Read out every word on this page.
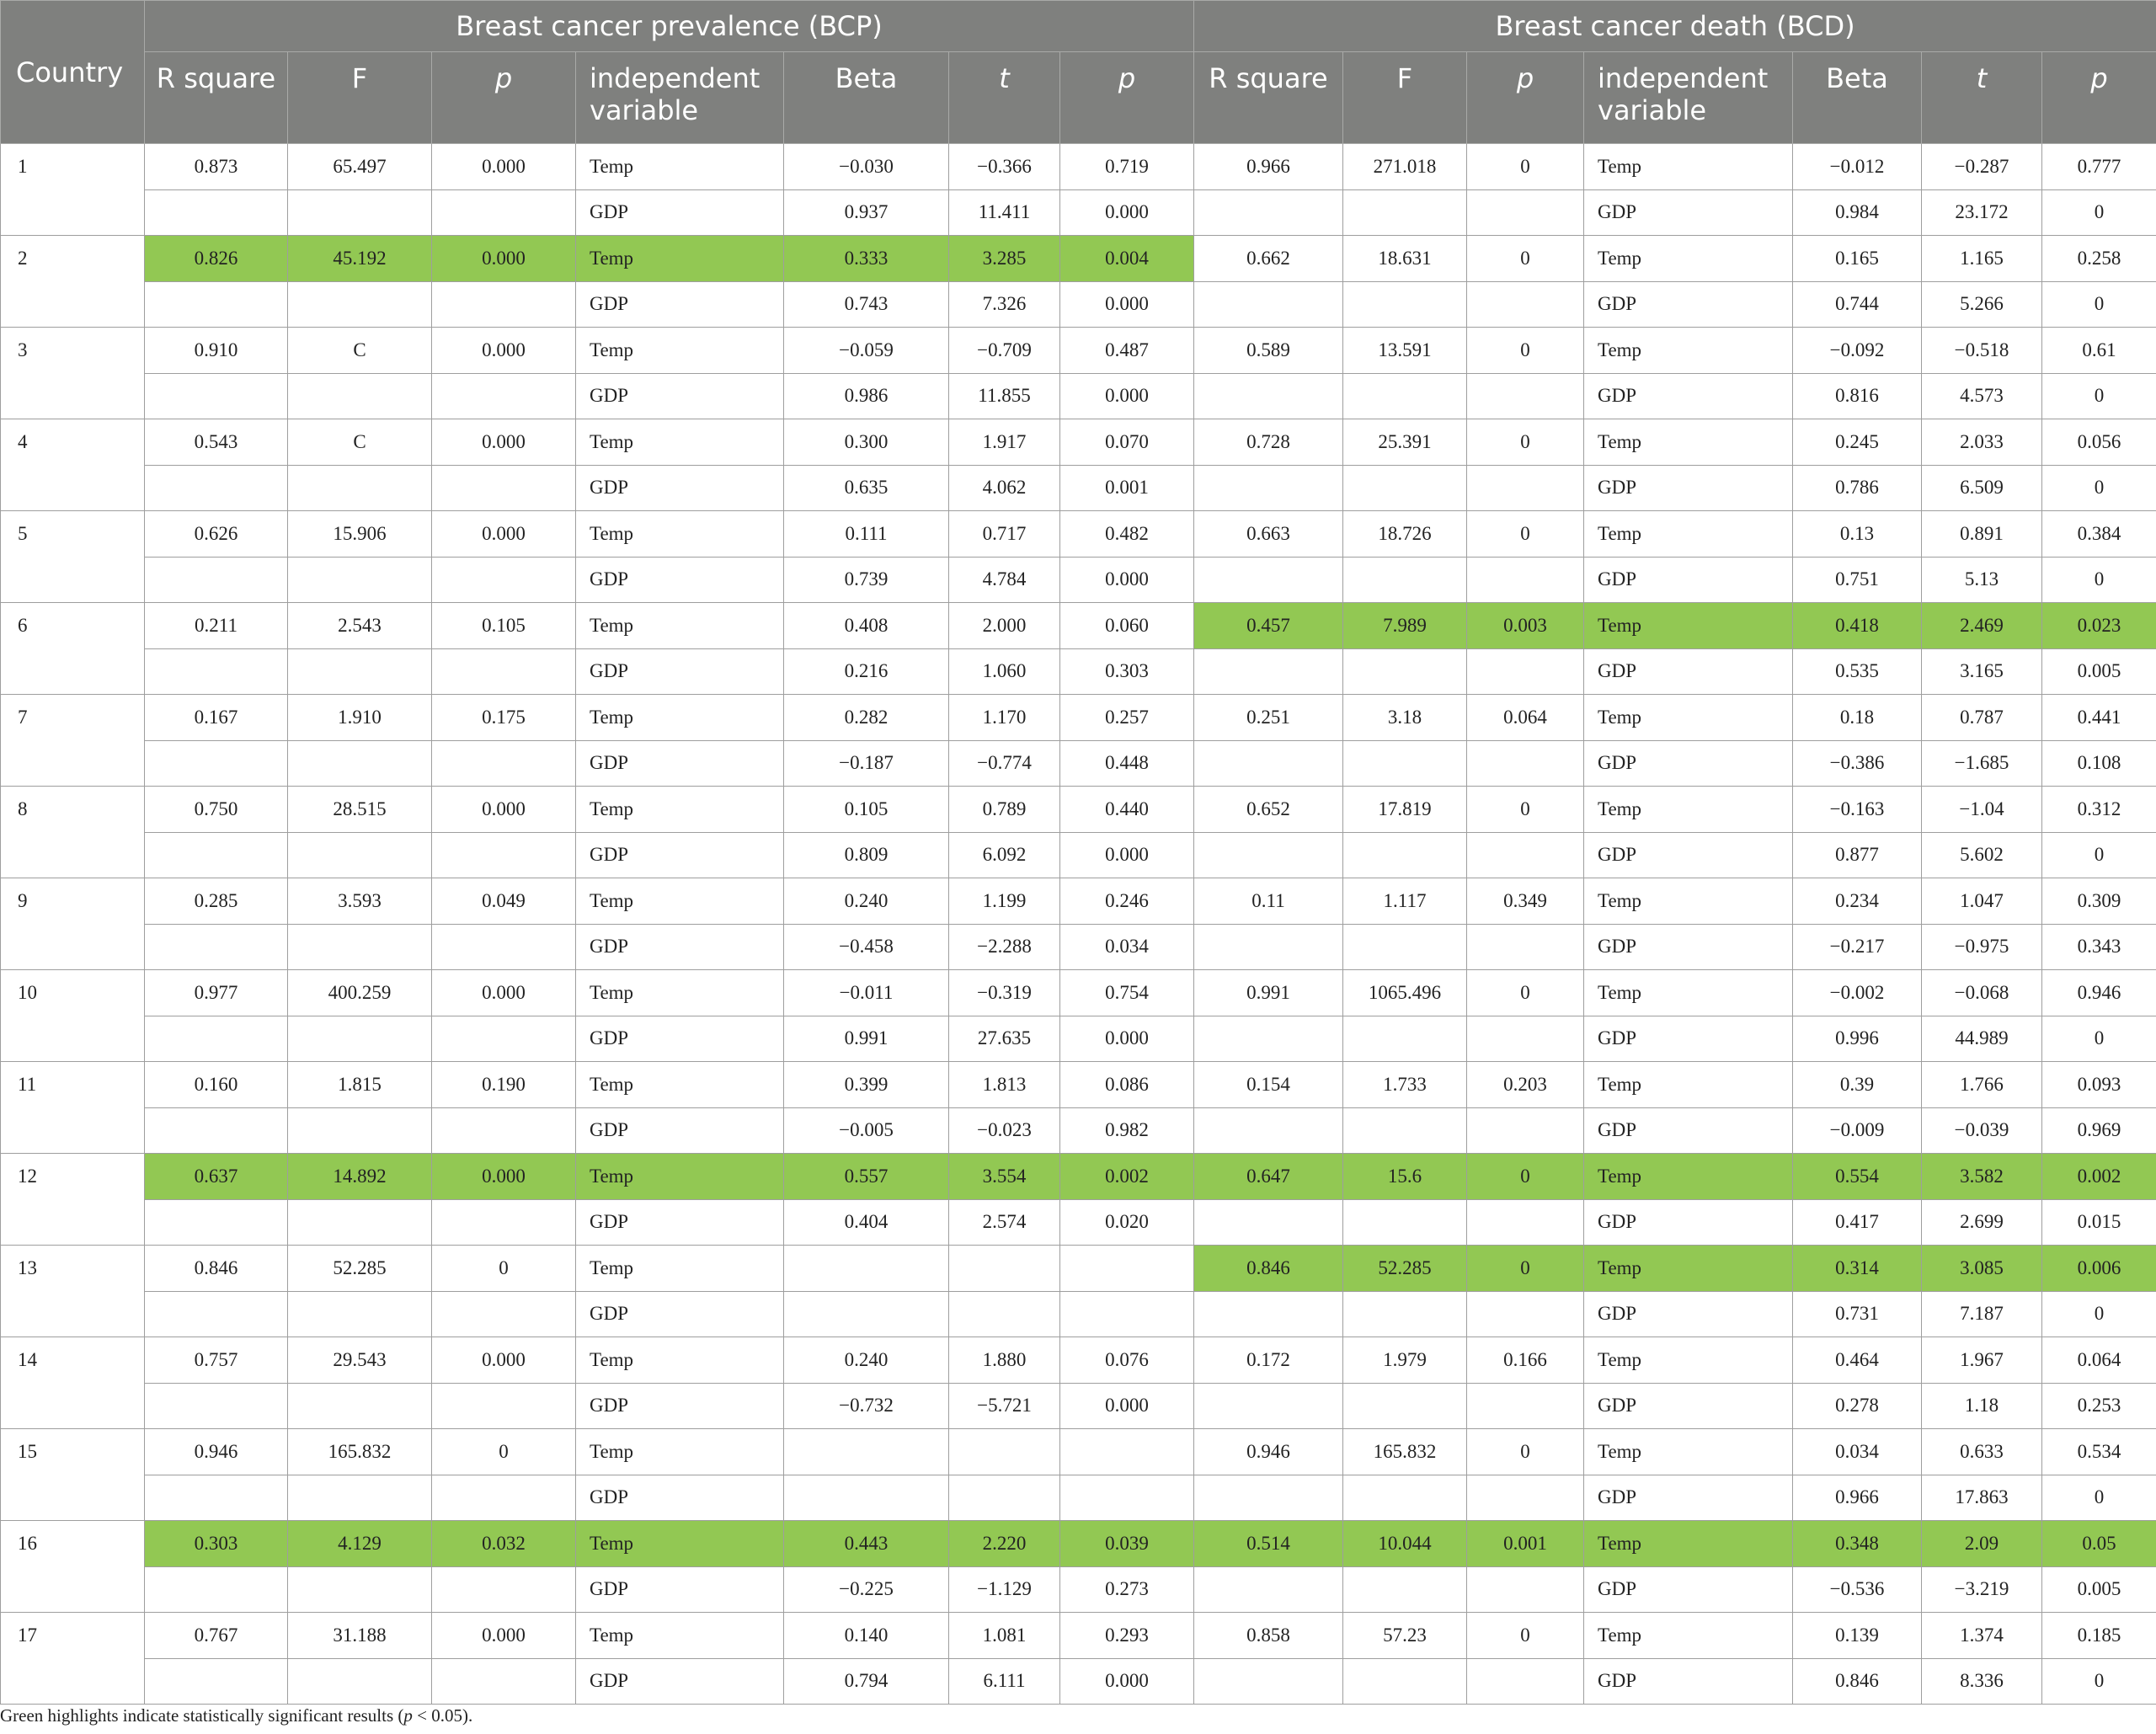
Country	Breast cancer prevalence (BCP)							Breast cancer death (BCD)						
	R square	F	p	independent
variable	Beta	t	p	R square	F	p	independent
variable	Beta	t	p
1	0.873	65.497	0.000	Temp	−0.030	−0.366	0.719	0.966	271.018	0	Temp	−0.012	−0.287	0.777
				GDP	0.937	11.411	0.000				GDP	0.984	23.172	0
2	0.826	45.192	0.000	Temp	0.333	3.285	0.004	0.662	18.631	0	Temp	0.165	1.165	0.258
				GDP	0.743	7.326	0.000				GDP	0.744	5.266	0
3	0.910	C	0.000	Temp	−0.059	−0.709	0.487	0.589	13.591	0	Temp	−0.092	−0.518	0.61
				GDP	0.986	11.855	0.000				GDP	0.816	4.573	0
4	0.543	C	0.000	Temp	0.300	1.917	0.070	0.728	25.391	0	Temp	0.245	2.033	0.056
				GDP	0.635	4.062	0.001				GDP	0.786	6.509	0
5	0.626	15.906	0.000	Temp	0.111	0.717	0.482	0.663	18.726	0	Temp	0.13	0.891	0.384
				GDP	0.739	4.784	0.000				GDP	0.751	5.13	0
6	0.211	2.543	0.105	Temp	0.408	2.000	0.060	0.457	7.989	0.003	Temp	0.418	2.469	0.023
				GDP	0.216	1.060	0.303				GDP	0.535	3.165	0.005
7	0.167	1.910	0.175	Temp	0.282	1.170	0.257	0.251	3.18	0.064	Temp	0.18	0.787	0.441
				GDP	−0.187	−0.774	0.448				GDP	−0.386	−1.685	0.108
8	0.750	28.515	0.000	Temp	0.105	0.789	0.440	0.652	17.819	0	Temp	−0.163	−1.04	0.312
				GDP	0.809	6.092	0.000				GDP	0.877	5.602	0
9	0.285	3.593	0.049	Temp	0.240	1.199	0.246	0.11	1.117	0.349	Temp	0.234	1.047	0.309
				GDP	−0.458	−2.288	0.034				GDP	−0.217	−0.975	0.343
10	0.977	400.259	0.000	Temp	−0.011	−0.319	0.754	0.991	1065.496	0	Temp	−0.002	−0.068	0.946
				GDP	0.991	27.635	0.000				GDP	0.996	44.989	0
11	0.160	1.815	0.190	Temp	0.399	1.813	0.086	0.154	1.733	0.203	Temp	0.39	1.766	0.093
				GDP	−0.005	−0.023	0.982				GDP	−0.009	−0.039	0.969
12	0.637	14.892	0.000	Temp	0.557	3.554	0.002	0.647	15.6	0	Temp	0.554	3.582	0.002
				GDP	0.404	2.574	0.020				GDP	0.417	2.699	0.015
13	0.846	52.285	0	Temp				0.846	52.285	0	Temp	0.314	3.085	0.006
				GDP							GDP	0.731	7.187	0
14	0.757	29.543	0.000	Temp	0.240	1.880	0.076	0.172	1.979	0.166	Temp	0.464	1.967	0.064
				GDP	−0.732	−5.721	0.000				GDP	0.278	1.18	0.253
15	0.946	165.832	0	Temp				0.946	165.832	0	Temp	0.034	0.633	0.534
				GDP							GDP	0.966	17.863	0
16	0.303	4.129	0.032	Temp	0.443	2.220	0.039	0.514	10.044	0.001	Temp	0.348	2.09	0.05
				GDP	−0.225	−1.129	0.273				GDP	−0.536	−3.219	0.005
17	0.767	31.188	0.000	Temp	0.140	1.081	0.293	0.858	57.23	0	Temp	0.139	1.374	0.185
				GDP	0.794	6.111	0.000				GDP	0.846	8.336	0
Green highlights indicate statistically significant results (p < 0.05).
